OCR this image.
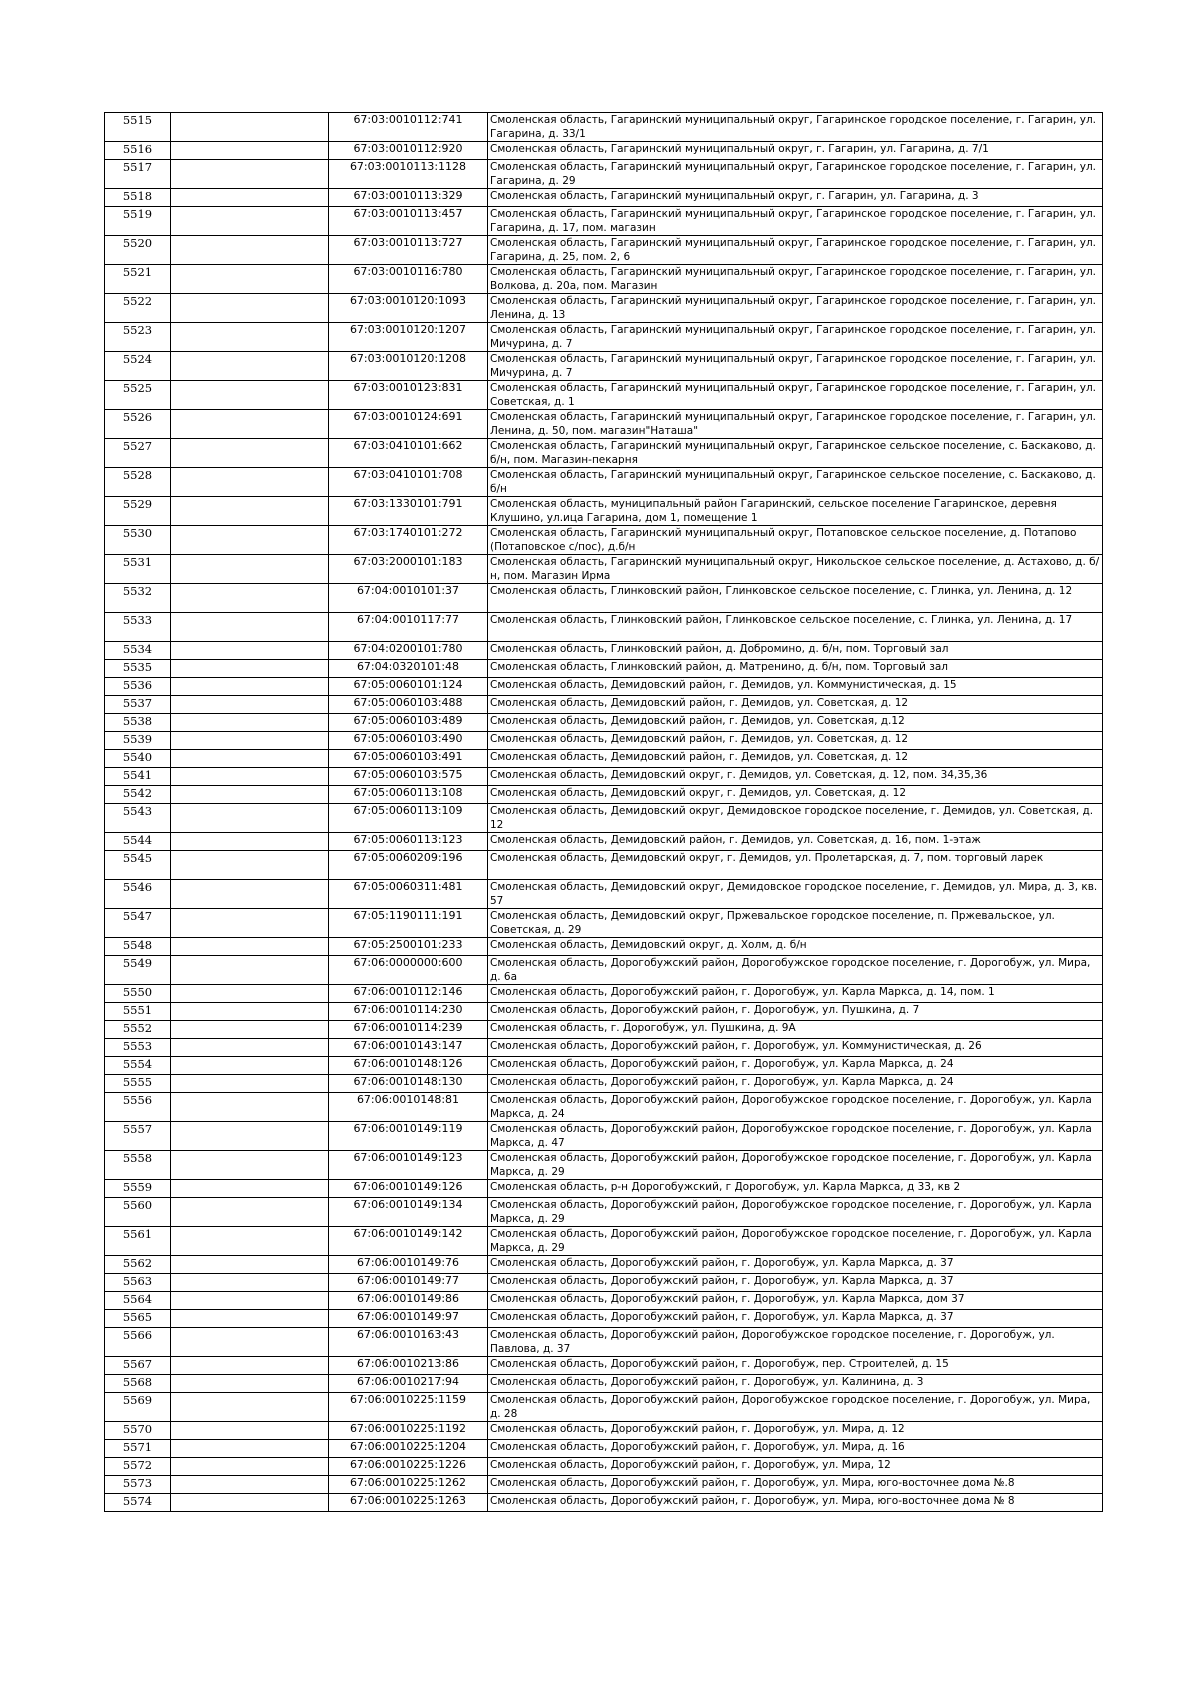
5515		67:03:0010112:741	Смоленская область, Гагаринский муниципальный округ, Гагаринское городское поселение, г. Гагарин, ул. Гагарина, д. 33/1
5516		67:03:0010112:920	Смоленская область, Гагаринский муниципальный округ, г. Гагарин, ул. Гагарина, д. 7/1
5517		67:03:0010113:1128	Смоленская область, Гагаринский муниципальный округ, Гагаринское городское поселение, г. Гагарин, ул. Гагарина, д. 29
5518		67:03:0010113:329	Смоленская область, Гагаринский муниципальный округ, г. Гагарин, ул. Гагарина, д. 3
5519		67:03:0010113:457	Смоленская область, Гагаринский муниципальный округ, Гагаринское городское поселение, г. Гагарин, ул. Гагарина, д. 17, пом. магазин
5520		67:03:0010113:727	Смоленская область, Гагаринский муниципальный округ, Гагаринское городское поселение, г. Гагарин, ул. Гагарина, д. 25, пом. 2, 6
5521		67:03:0010116:780	Смоленская область, Гагаринский муниципальный округ, Гагаринское городское поселение, г. Гагарин, ул. Волкова, д. 20а, пом. Магазин
5522		67:03:0010120:1093	Смоленская область, Гагаринский муниципальный округ, Гагаринское городское поселение, г. Гагарин, ул. Ленина, д. 13
5523		67:03:0010120:1207	Смоленская область, Гагаринский муниципальный округ, Гагаринское городское поселение, г. Гагарин, ул. Мичурина, д. 7
5524		67:03:0010120:1208	Смоленская область, Гагаринский муниципальный округ, Гагаринское городское поселение, г. Гагарин, ул. Мичурина, д. 7
5525		67:03:0010123:831	Смоленская область, Гагаринский муниципальный округ, Гагаринское городское поселение, г. Гагарин, ул. Советская, д. 1
5526		67:03:0010124:691	Смоленская область, Гагаринский муниципальный округ, Гагаринское городское поселение, г. Гагарин, ул. Ленина, д. 50, пом. магазин"Наташа"
5527		67:03:0410101:662	Смоленская область, Гагаринский муниципальный округ, Гагаринское сельское поселение, с. Баскаково, д. б/н, пом. Магазин-пекарня
5528		67:03:0410101:708	Смоленская область, Гагаринский муниципальный округ, Гагаринское сельское поселение, с. Баскаково, д. б/н
5529		67:03:1330101:791	Смоленская область, муниципальный район Гагаринский, сельское поселение Гагаринское, деревня Клушино, ул.ица Гагарина, дом 1, помещение 1
5530		67:03:1740101:272	Смоленская область, Гагаринский муниципальный округ, Потаповское сельское поселение, д. Потапово (Потаповское с/пос), д.б/н
5531		67:03:2000101:183	Смоленская область, Гагаринский муниципальный округ, Никольское сельское поселение, д. Астахово, д. б/н, пом. Магазин Ирма
5532		67:04:0010101:37	Смоленская область, Глинковский район, Глинковское сельское поселение, с. Глинка, ул. Ленина, д. 12
5533		67:04:0010117:77	Смоленская область, Глинковский район, Глинковское сельское поселение, с. Глинка, ул. Ленина, д. 17
5534		67:04:0200101:780	Смоленская область, Глинковский район, д. Добромино, д. б/н, пом. Торговый зал
5535		67:04:0320101:48	Смоленская область, Глинковский район, д. Матренино, д. б/н, пом. Торговый зал
5536		67:05:0060101:124	Смоленская область, Демидовский район, г. Демидов, ул. Коммунистическая, д. 15
5537		67:05:0060103:488	Смоленская область, Демидовский район, г. Демидов, ул. Советская, д. 12
5538		67:05:0060103:489	Смоленская область, Демидовский район, г. Демидов, ул. Советская, д.12
5539		67:05:0060103:490	Смоленская область, Демидовский район, г. Демидов, ул. Советская, д. 12
5540		67:05:0060103:491	Смоленская область, Демидовский район, г. Демидов, ул. Советская, д. 12
5541		67:05:0060103:575	Смоленская область, Демидовский округ, г. Демидов, ул. Советская, д. 12, пом. 34,35,36
5542		67:05:0060113:108	Смоленская область, Демидовский округ, г. Демидов, ул. Советская, д. 12
5543		67:05:0060113:109	Смоленская область, Демидовский округ, Демидовское городское поселение, г. Демидов, ул. Советская, д. 12
5544		67:05:0060113:123	Смоленская область, Демидовский район, г. Демидов, ул. Советская, д. 16, пом. 1-этаж
5545		67:05:0060209:196	Смоленская область, Демидовский округ, г. Демидов, ул. Пролетарская, д. 7, пом. торговый ларек
5546		67:05:0060311:481	Смоленская область, Демидовский округ, Демидовское городское поселение, г. Демидов, ул. Мира, д. 3, кв. 57
5547		67:05:1190111:191	Смоленская область, Демидовский округ, Пржевальское городское поселение, п. Пржевальское, ул. Советская, д. 29
5548		67:05:2500101:233	Смоленская область, Демидовский округ, д. Холм, д. б/н
5549		67:06:0000000:600	Смоленская область, Дорогобужский район, Дорогобужское городское поселение, г. Дорогобуж, ул. Мира, д. 6а
5550		67:06:0010112:146	Смоленская область, Дорогобужский район, г. Дорогобуж, ул. Карла Маркса, д. 14, пом. 1
5551		67:06:0010114:230	Смоленская область, Дорогобужский район, г. Дорогобуж, ул. Пушкина, д. 7
5552		67:06:0010114:239	Смоленская область, г. Дорогобуж, ул. Пушкина, д. 9А
5553		67:06:0010143:147	Смоленская область, Дорогобужский район, г. Дорогобуж, ул. Коммунистическая, д. 26
5554		67:06:0010148:126	Смоленская область, Дорогобужский район, г. Дорогобуж, ул. Карла Маркса, д. 24
5555		67:06:0010148:130	Смоленская область, Дорогобужский район, г. Дорогобуж, ул. Карла Маркса, д. 24
5556		67:06:0010148:81	Смоленская область, Дорогобужский район, Дорогобужское городское поселение, г. Дорогобуж, ул. Карла Маркса, д. 24
5557		67:06:0010149:119	Смоленская область, Дорогобужский район, Дорогобужское городское поселение, г. Дорогобуж, ул. Карла Маркса, д. 47
5558		67:06:0010149:123	Смоленская область, Дорогобужский район, Дорогобужское городское поселение, г. Дорогобуж, ул. Карла Маркса, д. 29
5559		67:06:0010149:126	Смоленская область, р-н Дорогобужский, г Дорогобуж, ул. Карла Маркса, д 33, кв 2
5560		67:06:0010149:134	Смоленская область, Дорогобужский район, Дорогобужское городское поселение, г. Дорогобуж, ул. Карла Маркса, д. 29
5561		67:06:0010149:142	Смоленская область, Дорогобужский район, Дорогобужское городское поселение, г. Дорогобуж, ул. Карла Маркса, д. 29
5562		67:06:0010149:76	Смоленская область, Дорогобужский район, г. Дорогобуж, ул. Карла Маркса, д. 37
5563		67:06:0010149:77	Смоленская область, Дорогобужский район, г. Дорогобуж, ул. Карла Маркса, д. 37
5564		67:06:0010149:86	Смоленская область, Дорогобужский район, г. Дорогобуж, ул. Карла Маркса, дом 37
5565		67:06:0010149:97	Смоленская область, Дорогобужский район, г. Дорогобуж, ул. Карла Маркса, д. 37
5566		67:06:0010163:43	Смоленская область, Дорогобужский район, Дорогобужское городское поселение, г. Дорогобуж, ул. Павлова, д. 37
5567		67:06:0010213:86	Смоленская область, Дорогобужский район, г. Дорогобуж, пер. Строителей, д. 15
5568		67:06:0010217:94	Смоленская область, Дорогобужский район, г. Дорогобуж, ул. Калинина, д. 3
5569		67:06:0010225:1159	Смоленская область, Дорогобужский район, Дорогобужское городское поселение, г. Дорогобуж, ул. Мира, д. 28
5570		67:06:0010225:1192	Смоленская область, Дорогобужский район, г. Дорогобуж, ул. Мира, д. 12
5571		67:06:0010225:1204	Смоленская область, Дорогобужский район, г. Дорогобуж, ул. Мира, д. 16
5572		67:06:0010225:1226	Смоленская область, Дорогобужский район, г. Дорогобуж, ул. Мира, 12
5573		67:06:0010225:1262	Смоленская область, Дорогобужский район, г. Дорогобуж, ул. Мира, юго-восточнее дома №.8
5574		67:06:0010225:1263	Смоленская область, Дорогобужский район, г. Дорогобуж, ул. Мира, юго-восточнее дома № 8
